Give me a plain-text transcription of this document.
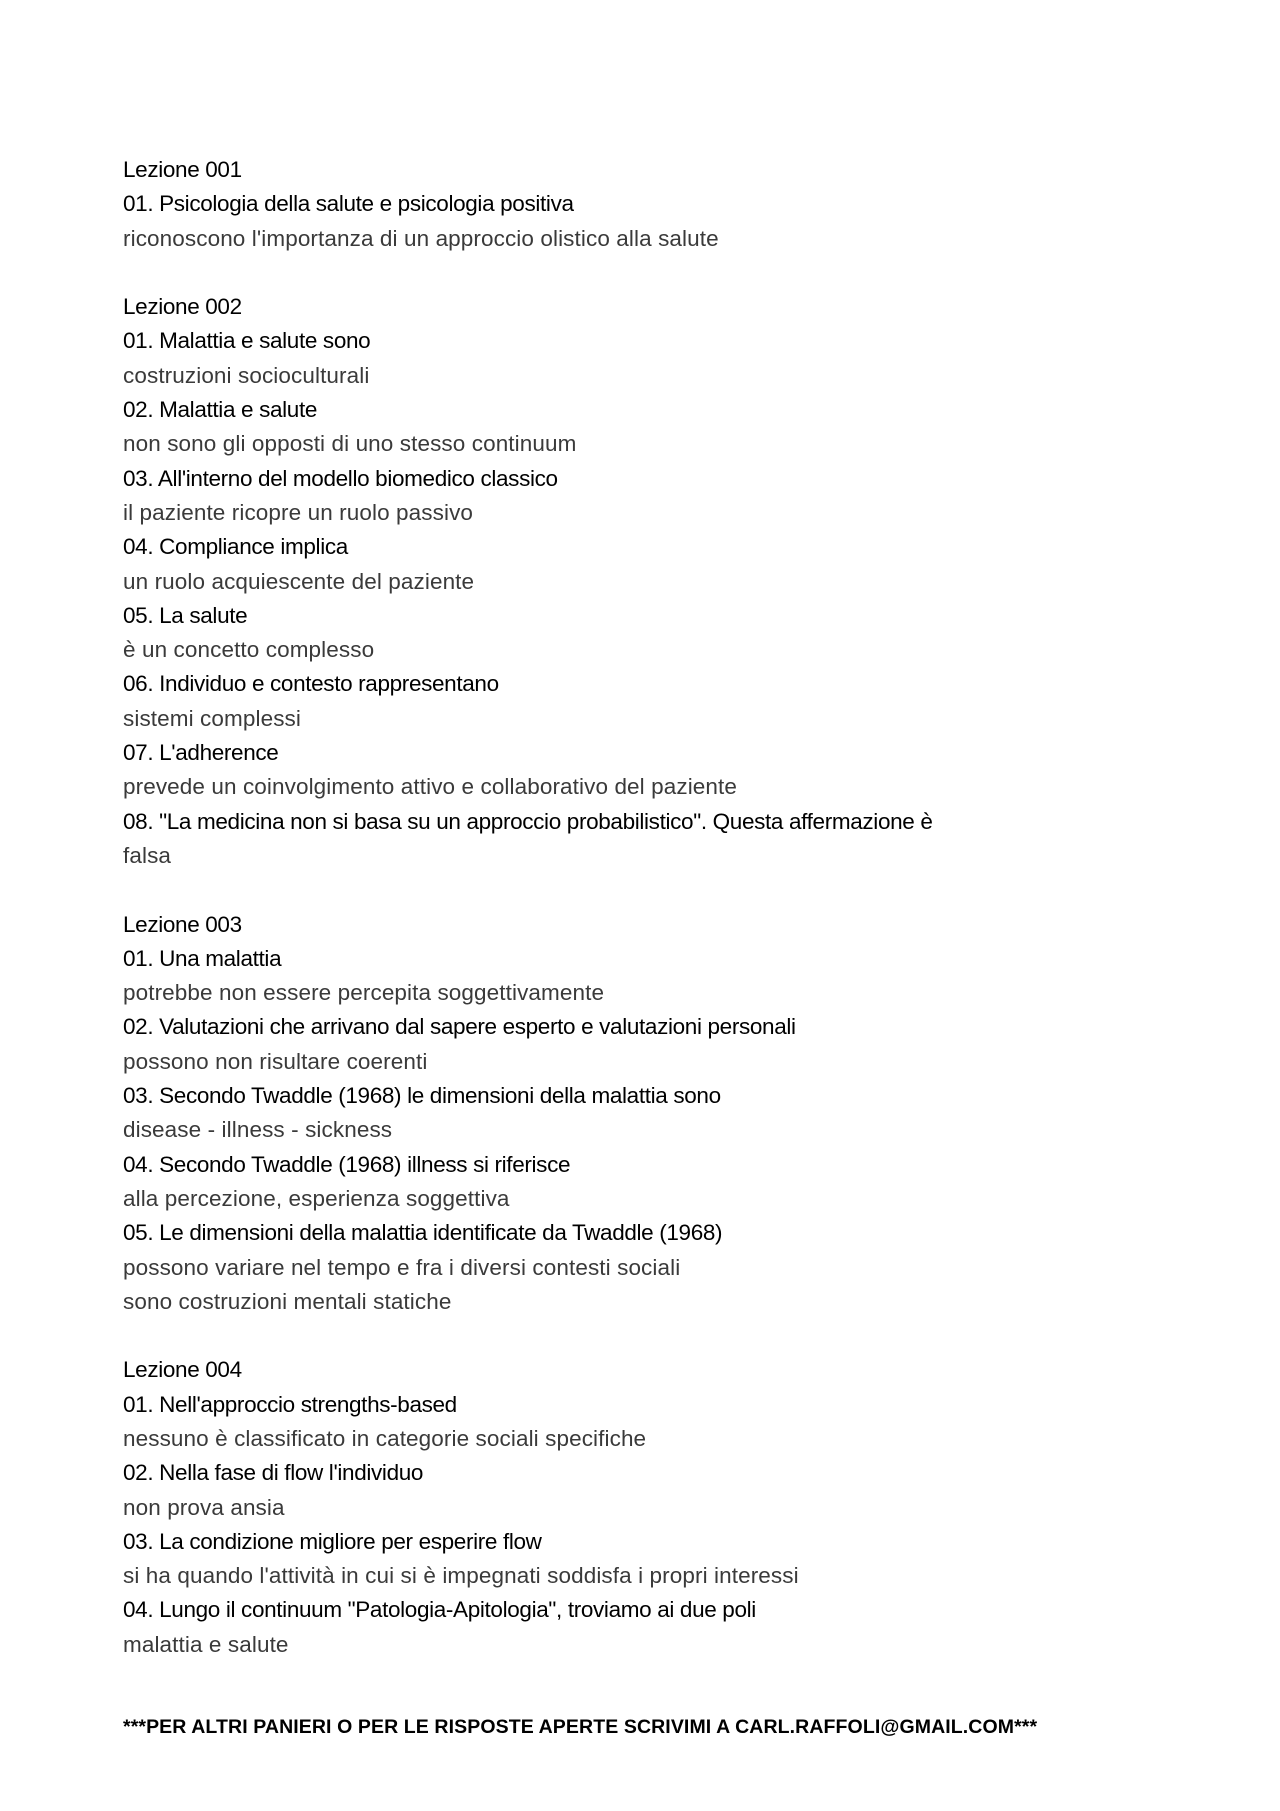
Lezione 001
01. Psicologia della salute e psicologia positiva
riconoscono l'importanza di un approccio olistico alla salute
Lezione 002
01. Malattia e salute sono
costruzioni socioculturali
02. Malattia e salute
non sono gli opposti di uno stesso continuum
03. All'interno del modello biomedico classico
il paziente ricopre un ruolo passivo
04. Compliance implica
un ruolo acquiescente del paziente
05. La salute
è un concetto complesso
06. Individuo e contesto rappresentano
sistemi complessi
07. L'adherence
prevede un coinvolgimento attivo e collaborativo del paziente
08. "La medicina non si basa su un approccio probabilistico". Questa affermazione è
falsa
Lezione 003
01. Una malattia
potrebbe non essere percepita soggettivamente
02. Valutazioni che arrivano dal sapere esperto e valutazioni personali
possono non risultare coerenti
03. Secondo Twaddle (1968) le dimensioni della malattia sono
disease - illness - sickness
04. Secondo Twaddle (1968) illness si riferisce
alla percezione, esperienza soggettiva
05. Le dimensioni della malattia identificate da Twaddle (1968)
possono variare nel tempo e fra i diversi contesti sociali
sono costruzioni mentali statiche
Lezione 004
01. Nell'approccio strengths-based
nessuno è classificato in categorie sociali specifiche
02. Nella fase di flow l'individuo
non prova ansia
03. La condizione migliore per esperire flow
si ha quando l'attività in cui si è impegnati soddisfa i propri interessi
04. Lungo il continuum "Patologia-Apitologia", troviamo ai due poli
malattia e salute
***PER ALTRI PANIERI O PER LE RISPOSTE APERTE SCRIVIMI A CARL.RAFFOLI@GMAIL.COM***
